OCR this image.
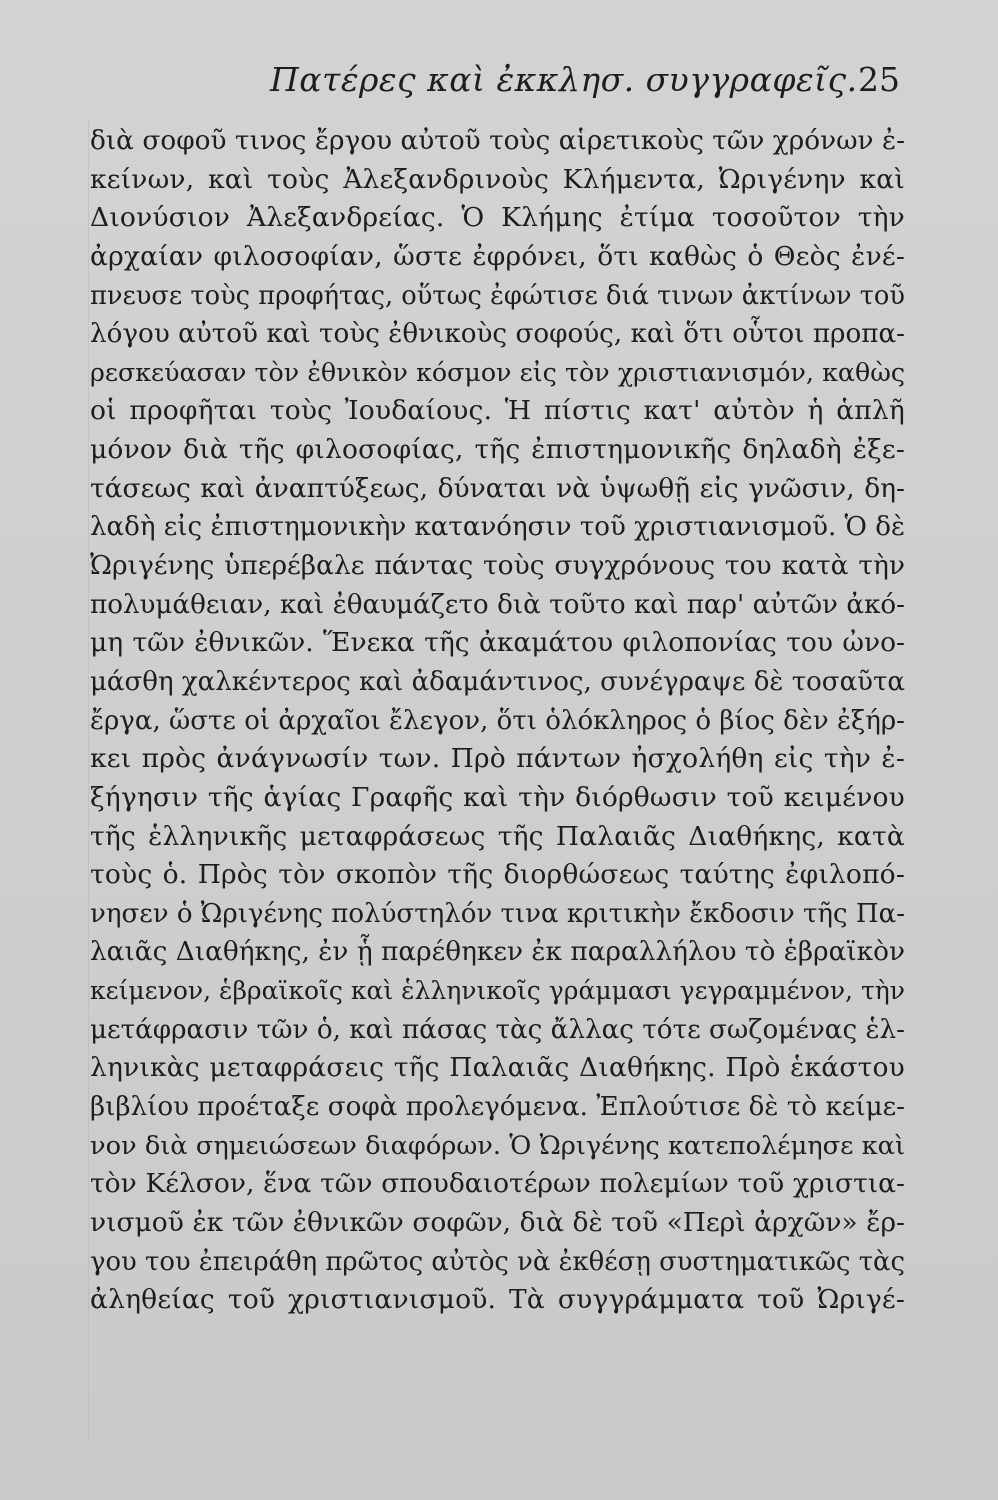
Πατέρες καὶ ἐκκλησ. συγγραφεῖς. 25
διὰ σοφοῦ τινος ἔργου αὐτοῦ τοὺς αἱρετικοὺς τῶν χρόνων ἐ-
κείνων, καὶ τοὺς Ἀλεξανδρινοὺς Κλήμεντα, Ὠριγένην καὶ
Διονύσιον Ἀλεξανδρείας. Ὁ Κλήμης ἐτίμα τοσοῦτον τὴν
ἀρχαίαν φιλοσοφίαν, ὥστε ἐφρόνει, ὅτι καθὼς ὁ Θεὸς ἐνέ-
πνευσε τοὺς προφήτας, οὕτως ἐφώτισε διά τινων ἀκτίνων τοῦ
λόγου αὐτοῦ καὶ τοὺς ἐθνικοὺς σοφούς, καὶ ὅτι οὗτοι προπα-
ρεσκεύασαν τὸν ἐθνικὸν κόσμον εἰς τὸν χριστιανισμόν, καθὼς
οἱ προφῆται τοὺς Ἰουδαίους. Ἡ πίστις κατ' αὐτὸν ἡ ἁπλῆ
μόνον διὰ τῆς φιλοσοφίας, τῆς ἐπιστημονικῆς δηλαδὴ ἐξε-
τάσεως καὶ ἀναπτύξεως, δύναται νὰ ὑψωθῇ εἰς γνῶσιν, δη-
λαδὴ εἰς ἐπιστημονικὴν κατανόησιν τοῦ χριστιανισμοῦ. Ὁ δὲ
Ὠριγένης ὑπερέβαλε πάντας τοὺς συγχρόνους του κατὰ τὴν
πολυμάθειαν, καὶ ἐθαυμάζετο διὰ τοῦτο καὶ παρ' αὐτῶν ἀκό-
μη τῶν ἐθνικῶν. Ἕνεκα τῆς ἀκαμάτου φιλοπονίας του ὠνο-
μάσθη χαλκέντερος καὶ ἀδαμάντινος, συνέγραψε δὲ τοσαῦτα
ἔργα, ὥστε οἱ ἀρχαῖοι ἔλεγον, ὅτι ὁλόκληρος ὁ βίος δὲν ἐξήρ-
κει πρὸς ἀνάγνωσίν των. Πρὸ πάντων ἠσχολήθη εἰς τὴν ἐ-
ξήγησιν τῆς ἁγίας Γραφῆς καὶ τὴν διόρθωσιν τοῦ κειμένου
τῆς ἑλληνικῆς μεταφράσεως τῆς Παλαιᾶς Διαθήκης, κατὰ
τοὺς ὁ. Πρὸς τὸν σκοπὸν τῆς διορθώσεως ταύτης ἐφιλοπό-
νησεν ὁ Ὠριγένης πολύστηλόν τινα κριτικὴν ἔκδοσιν τῆς Πα-
λαιᾶς Διαθήκης, ἐν ᾗ παρέθηκεν ἐκ παραλλήλου τὸ ἑβραϊκὸν
κείμενον, ἑβραϊκοῖς καὶ ἑλληνικοῖς γράμμασι γεγραμμένον, τὴν
μετάφρασιν τῶν ὁ, καὶ πάσας τὰς ἄλλας τότε σωζομένας ἑλ-
ληνικὰς μεταφράσεις τῆς Παλαιᾶς Διαθήκης. Πρὸ ἑκάστου
βιβλίου προέταξε σοφὰ προλεγόμενα. Ἐπλούτισε δὲ τὸ κείμε-
νον διὰ σημειώσεων διαφόρων. Ὁ Ὠριγένης κατεπολέμησε καὶ
τὸν Κέλσον, ἕνα τῶν σπουδαιοτέρων πολεμίων τοῦ χριστια-
νισμοῦ ἐκ τῶν ἐθνικῶν σοφῶν, διὰ δὲ τοῦ «Περὶ ἀρχῶν» ἔρ-
γου του ἐπειράθη πρῶτος αὐτὸς νὰ ἐκθέσῃ συστηματικῶς τὰς
ἀληθείας τοῦ χριστιανισμοῦ. Τὰ συγγράμματα τοῦ Ὠριγέ-
